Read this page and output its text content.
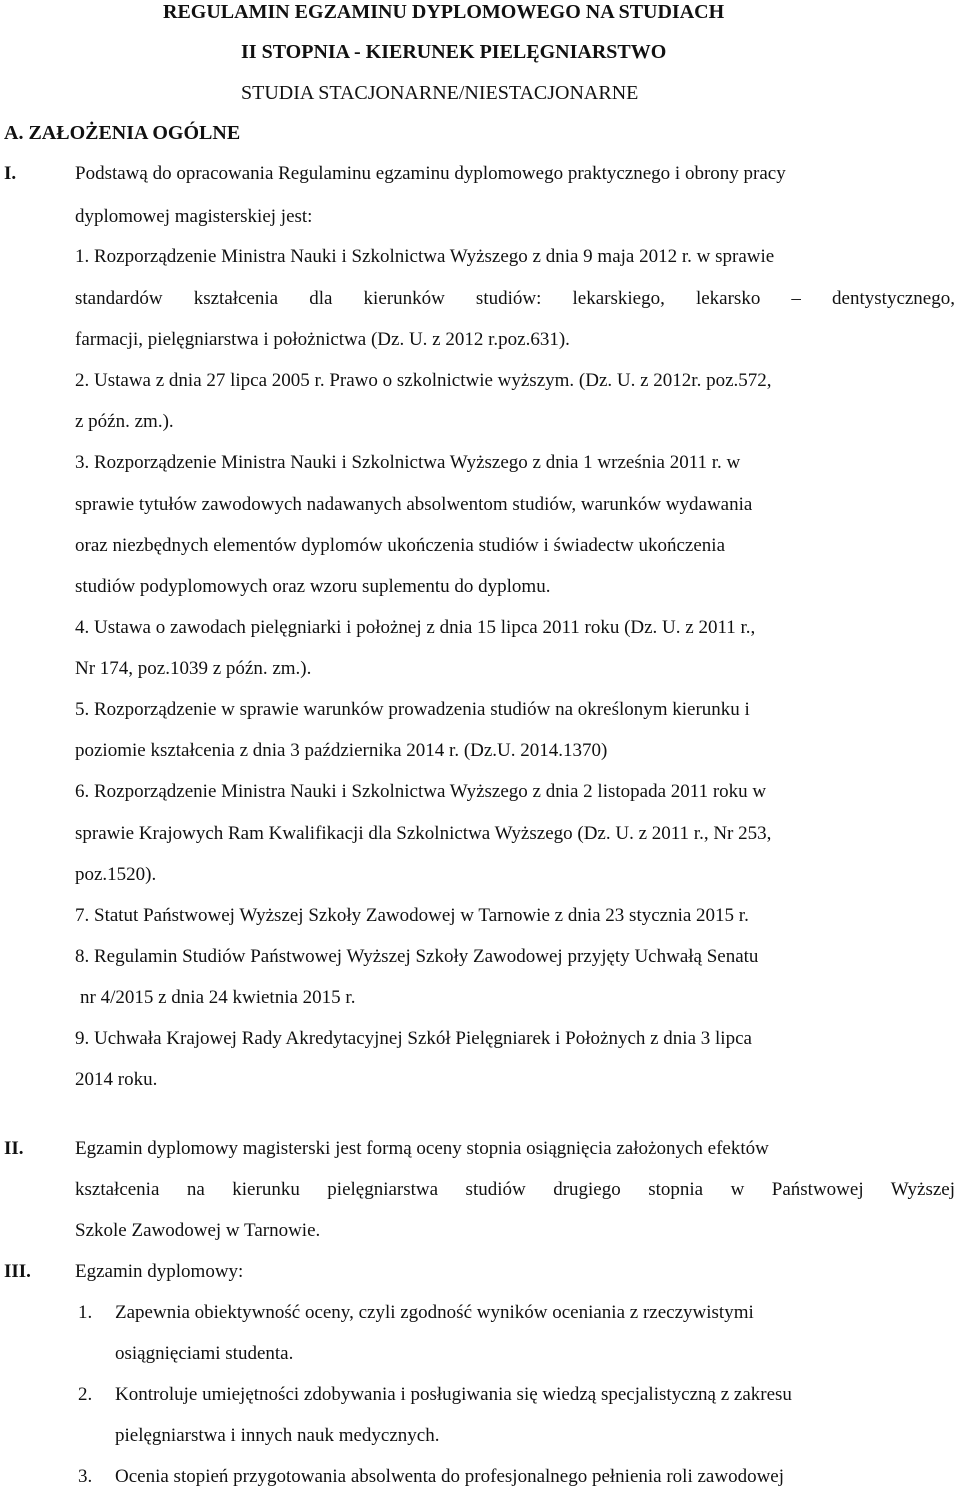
REGULAMIN EGZAMINU DYPLOMOWEGO NA STUDIACH
II STOPNIA - KIERUNEK PIELĘGNIARSTWO
STUDIA STACJONARNE/NIESTACJONARNE
A. ZAŁOŻENIA OGÓLNE
I.	Podstawą do opracowania Regulaminu egzaminu dyplomowego praktycznego i obrony pracy
dyplomowej magisterskiej jest:
1. Rozporządzenie Ministra Nauki i Szkolnictwa Wyższego z dnia 9 maja 2012 r. w sprawie
standardów kształcenia dla kierunków studiów: lekarskiego, lekarsko – dentystycznego,
farmacji, pielęgniarstwa i położnictwa (Dz. U. z 2012 r.poz.631).
2. Ustawa z dnia 27 lipca 2005 r. Prawo o szkolnictwie wyższym. (Dz. U. z 2012r. poz.572,
z późn. zm.).
3. Rozporządzenie Ministra Nauki i Szkolnictwa Wyższego z dnia 1 września 2011 r. w
sprawie tytułów zawodowych nadawanych absolwentom studiów, warunków wydawania
oraz niezbędnych elementów dyplomów ukończenia studiów i świadectw ukończenia
studiów podyplomowych oraz wzoru suplementu do dyplomu.
4. Ustawa o zawodach pielęgniarki i położnej z dnia 15 lipca 2011 roku (Dz. U. z 2011 r.,
Nr 174, poz.1039 z późn. zm.).
5. Rozporządzenie w sprawie warunków prowadzenia studiów na określonym kierunku i
poziomie kształcenia z dnia 3 października 2014 r. (Dz.U. 2014.1370)
6. Rozporządzenie Ministra Nauki i Szkolnictwa Wyższego z dnia 2 listopada 2011 roku w
sprawie Krajowych Ram Kwalifikacji dla Szkolnictwa Wyższego (Dz. U. z 2011 r., Nr 253,
poz.1520).
7. Statut Państwowej Wyższej Szkoły Zawodowej w Tarnowie z dnia 23 stycznia 2015 r.
8. Regulamin Studiów Państwowej Wyższej Szkoły Zawodowej przyjęty Uchwałą Senatu
nr 4/2015 z dnia 24 kwietnia 2015 r.
9. Uchwała Krajowej Rady Akredytacyjnej Szkół Pielęgniarek i Położnych z dnia 3 lipca
2014 roku.
II.	Egzamin dyplomowy magisterski jest formą oceny stopnia osiągnięcia założonych efektów
kształcenia na kierunku pielęgniarstwa studiów drugiego stopnia w Państwowej Wyższej
Szkole Zawodowej w Tarnowie.
III. Egzamin dyplomowy:
1. Zapewnia obiektywność oceny, czyli zgodność wyników oceniania z rzeczywistymi
osiągnięciami studenta.
2. Kontroluje umiejętności zdobywania i posługiwania się wiedzą specjalistyczną z zakresu
pielęgniarstwa i innych nauk medycznych.
3. Ocenia stopień przygotowania absolwenta do profesjonalnego pełnienia roli zawodowej
